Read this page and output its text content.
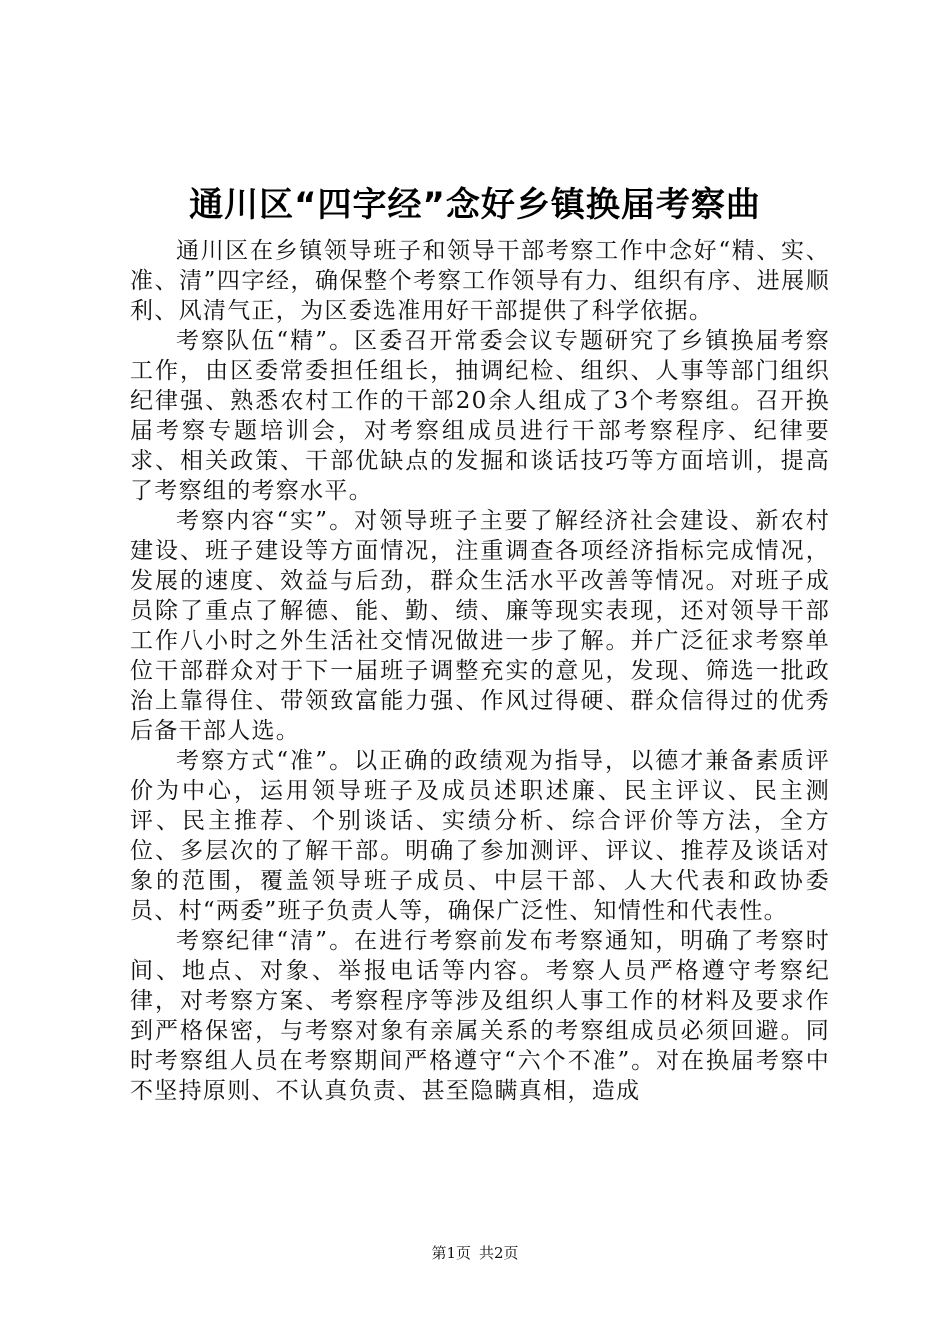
通川区“四字经”念好乡镇换届考察曲

通川区在乡镇领导班子和领导干部考察工作中念好“精、实、准、清”四字经，确保整个考察工作领导有力、组织有序、进展顺利、风清气正，为区委选准用好干部提供了科学依据。

考察队伍“精”。区委召开常委会议专题研究了乡镇换届考察工作，由区委常委担任组长，抽调纪检、组织、人事等部门组织纪律强、熟悉农村工作的干部20余人组成了3个考察组。召开换届考察专题培训会，对考察组成员进行干部考察程序、纪律要求、相关政策、干部优缺点的发掘和谈话技巧等方面培训，提高了考察组的考察水平。

考察内容“实”。对领导班子主要了解经济社会建设、新农村建设、班子建设等方面情况，注重调查各项经济指标完成情况，发展的速度、效益与后劲，群众生活水平改善等情况。对班子成员除了重点了解德、能、勤、绩、廉等现实表现，还对领导干部工作八小时之外生活社交情况做进一步了解。并广泛征求考察单位干部群众对于下一届班子调整充实的意见，发现、筛选一批政治上靠得住、带领致富能力强、作风过得硬、群众信得过的优秀后备干部人选。

考察方式“准”。以正确的政绩观为指导，以德才兼备素质评价为中心，运用领导班子及成员述职述廉、民主评议、民主测评、民主推荐、个别谈话、实绩分析、综合评价等方法，全方位、多层次的了解干部。明确了参加测评、评议、推荐及谈话对象的范围，覆盖领导班子成员、中层干部、人大代表和政协委员、村“两委”班子负责人等，确保广泛性、知情性和代表性。

考察纪律“清”。在进行考察前发布考察通知，明确了考察时间、地点、对象、举报电话等内容。考察人员严格遵守考察纪律，对考察方案、考察程序等涉及组织人事工作的材料及要求作到严格保密，与考察对象有亲属关系的考察组成员必须回避。同时考察组人员在考察期间严格遵守“六个不准”。对在换届考察中不坚持原则、不认真负责、甚至隐瞒真相，造成

第1页 共2页
